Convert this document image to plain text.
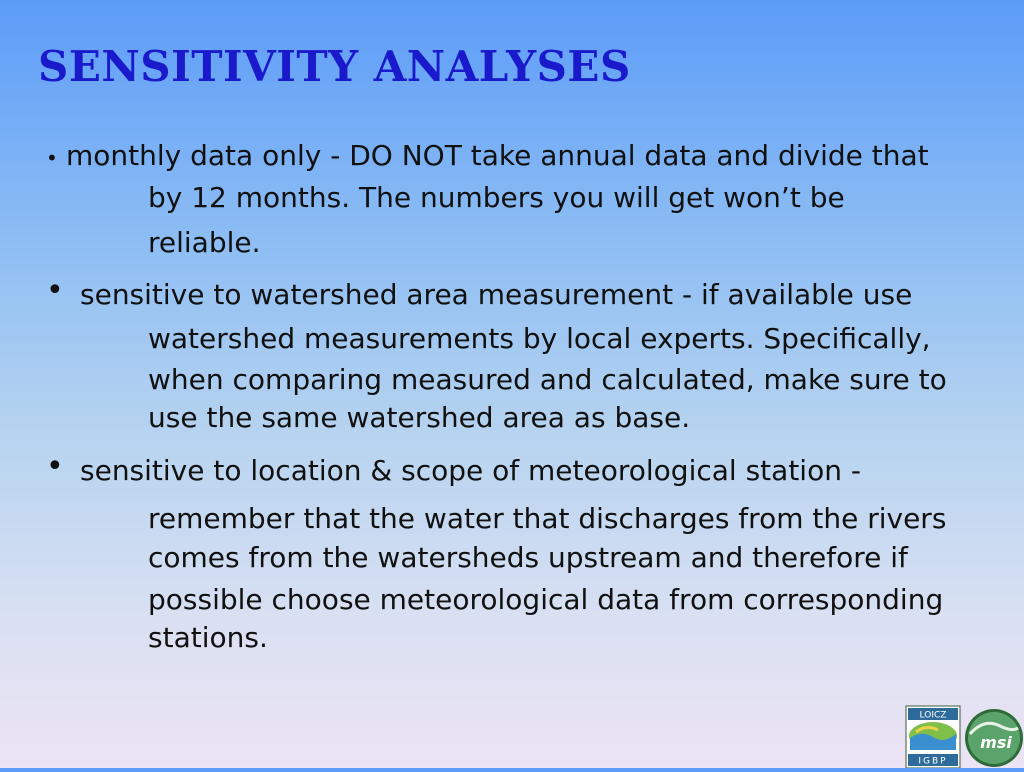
SENSITIVITY ANALYSES
• monthly data only - DO NOT take annual data and divide that
by 12 months. The numbers you will get won’t be
reliable.
• sensitive to watershed area measurement - if available use
watershed measurements by local experts. Specifically,
when comparing measured and calculated, make sure to
use the same watershed area as base.
• sensitive to location & scope of meteorological station -
remember that the water that discharges from the rivers
comes from the watersheds upstream and therefore if
possible choose meteorological data from corresponding
stations.
LOICZ
IGBP
msi
